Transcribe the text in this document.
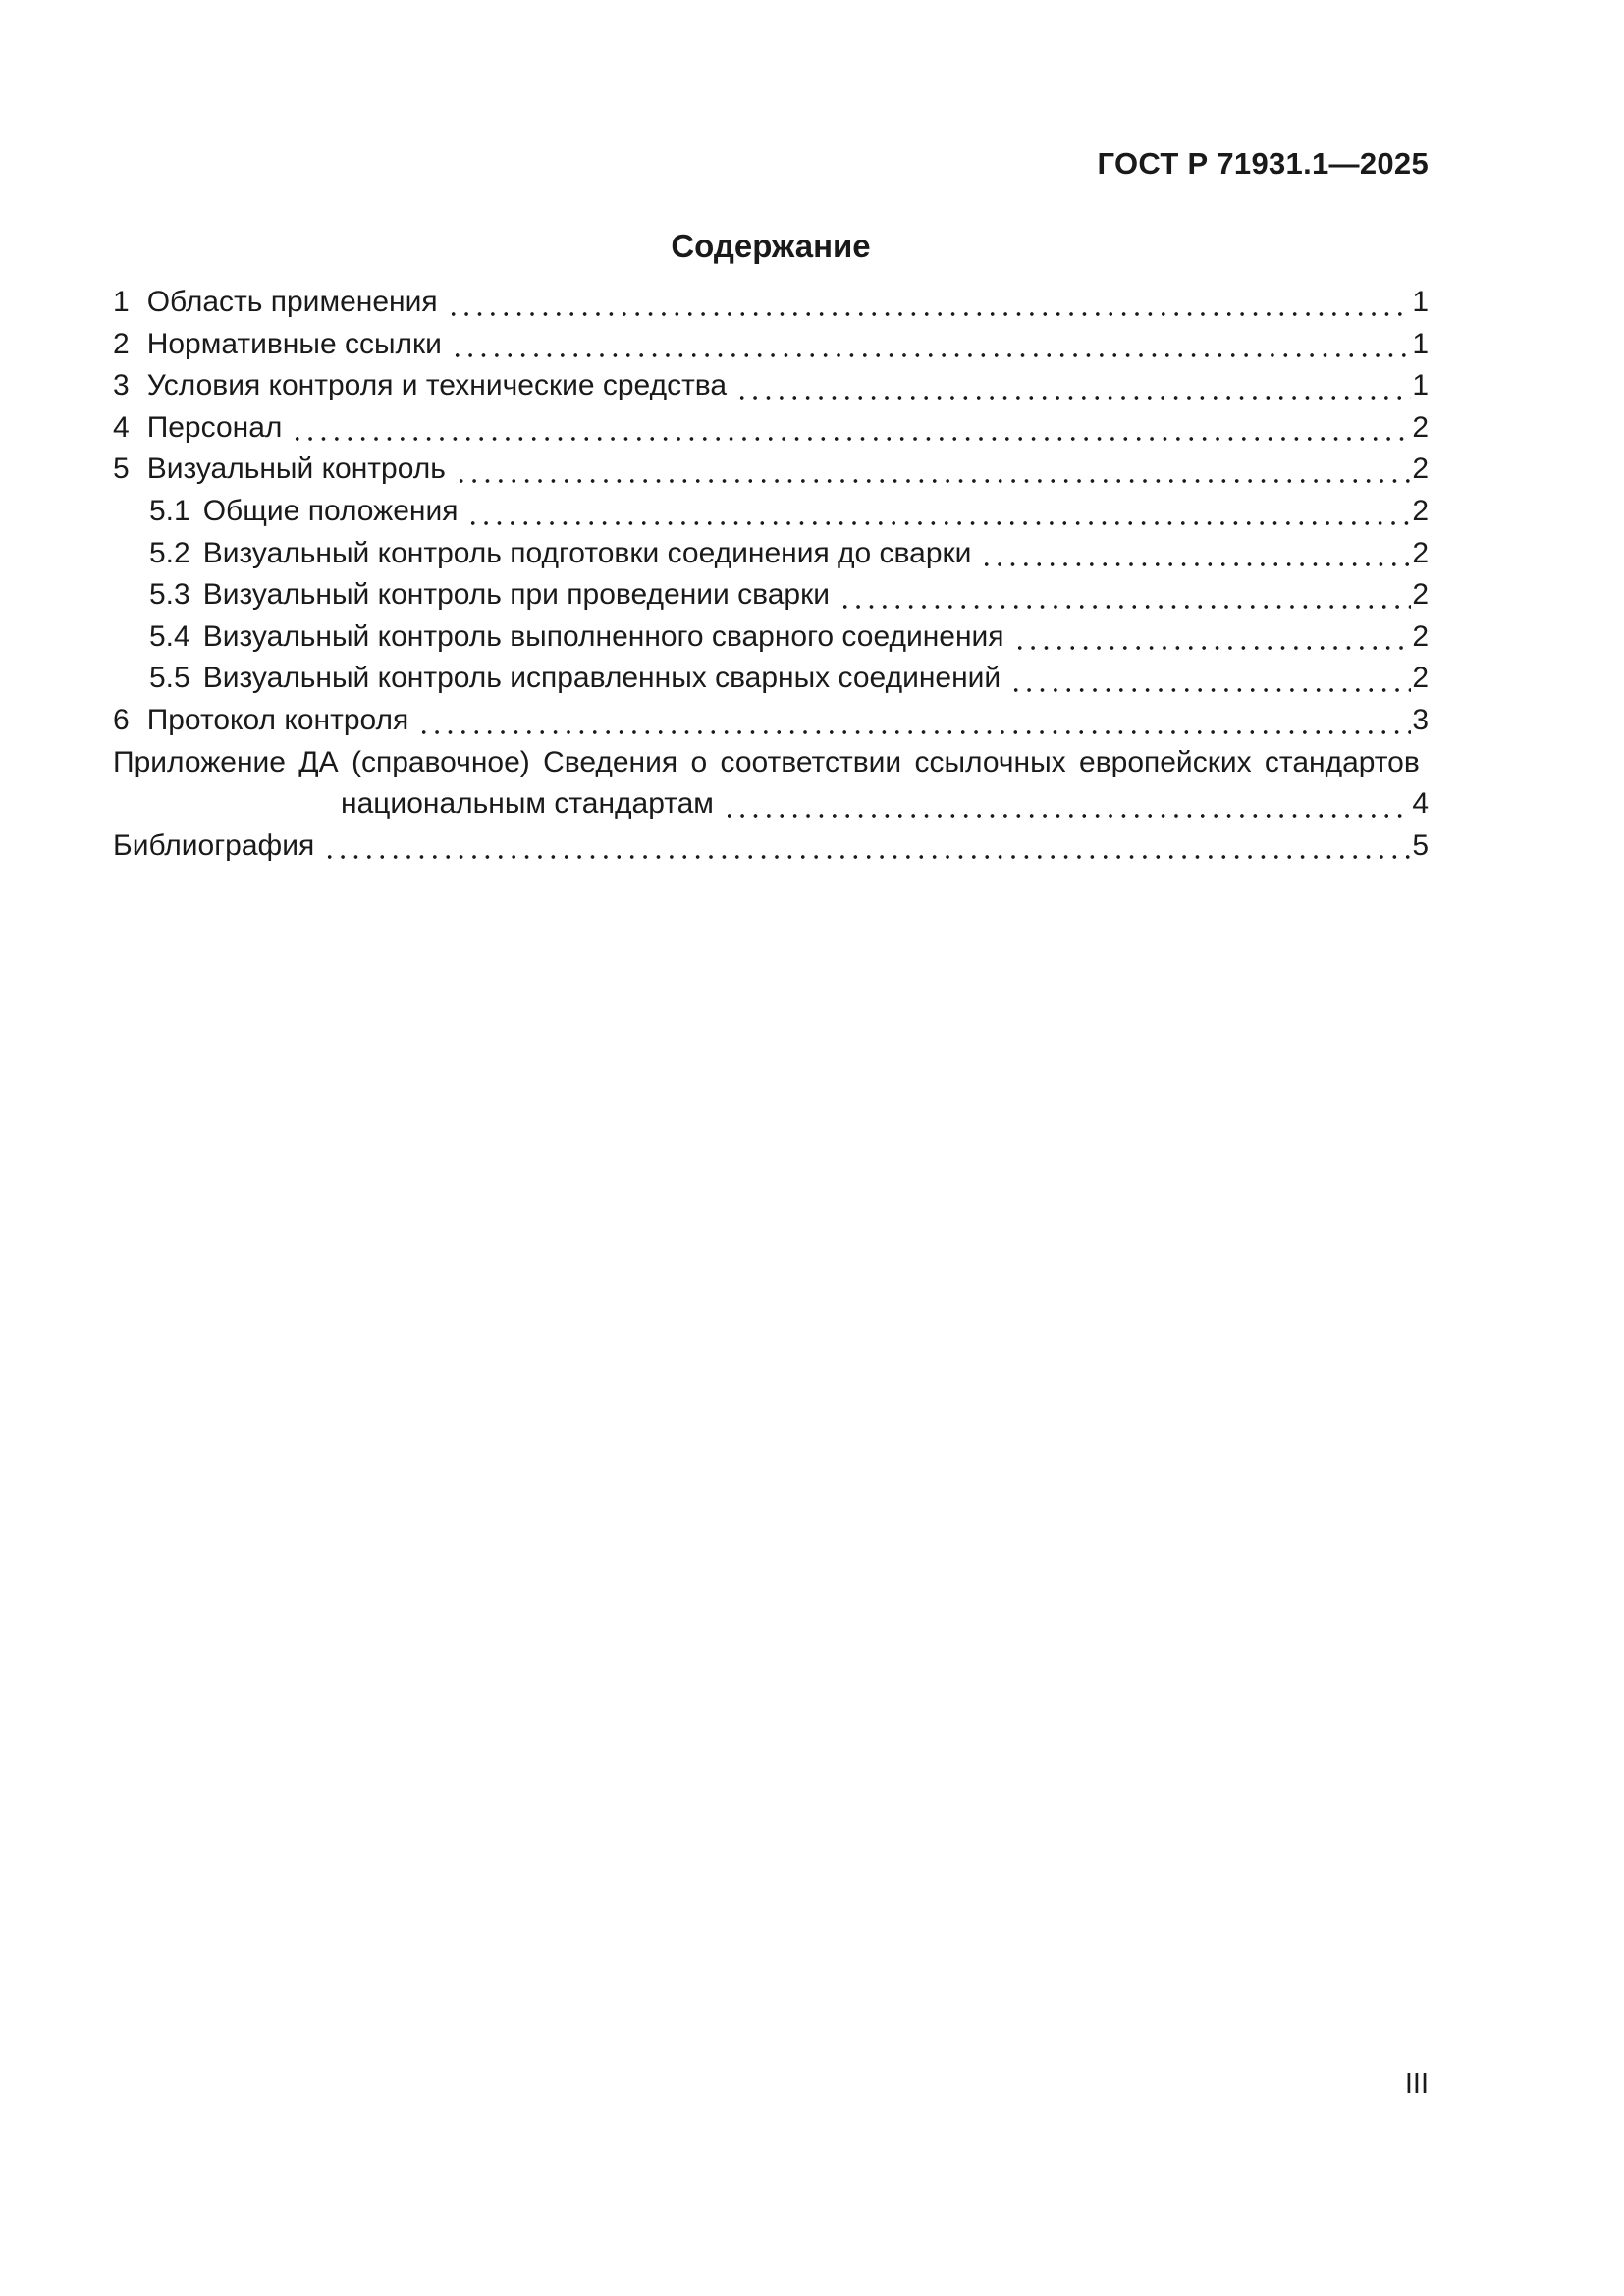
ГОСТ Р 71931.1—2025
Содержание
1 Область применения	1
2 Нормативные ссылки	1
3 Условия контроля и технические средства	1
4 Персонал	2
5 Визуальный контроль	2
5.1 Общие положения	2
5.2 Визуальный контроль подготовки соединения до сварки	2
5.3 Визуальный контроль при проведении сварки	2
5.4 Визуальный контроль выполненного сварного соединения	2
5.5 Визуальный контроль исправленных сварных соединений	2
6 Протокол контроля	3
Приложение ДА (справочное) Сведения о соответствии ссылочных европейских стандартов
национальным стандартам	4
Библиография	5
III
